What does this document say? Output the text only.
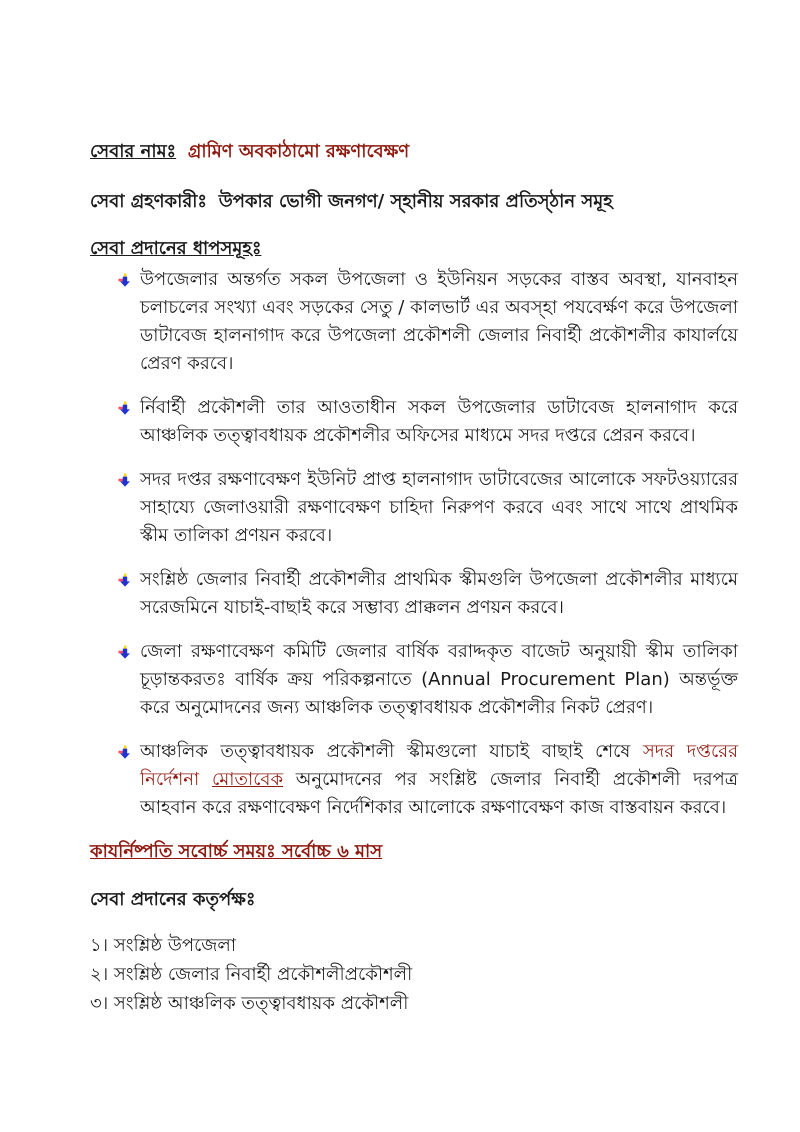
সেবার নামঃ গ্রামিণ অবকাঠামো রক্ষণাবেক্ষণ

সেবা গ্রহণকারীঃ উপকার ভোগী জনগণ/ স্হানীয় সরকার প্রতিস্ঠান সমূহ

সেবা প্রদানের ধাপসমূহঃ

উপজেলার অন্তর্গত সকল উপজেলা ও ইউনিয়ন সড়কের বাস্তব অবস্থা, যানবাহন চলাচলের সংখ্যা এবং সড়কের সেতু / কালভার্ট এর অবস্হা পযবের্ক্ষণ করে উপজেলা ডাটাবেজ হালনাগাদ করে উপজেলা প্রকৌশলী জেলার নিবার্হী প্রকৌশলীর কাযার্লয়ে প্রেরণ করবে।
র্নিবার্হী প্রকৌশলী তার আওতাধীন সকল উপজেলার ডাটাবেজ হালনাগাদ করে আঞ্চলিক তত্ত্বাবধায়ক প্রকৌশলীর অফিসের মাধ্যমে সদর দপ্তরে প্রেরন করবে।
সদর দপ্তর রক্ষণাবেক্ষণ ইউনিট প্রাপ্ত হালনাগাদ ডাটাবেজের আলোকে সফটওয়্যারের সাহায্যে জেলাওয়ারী রক্ষণাবেক্ষণ চাহিদা নিরুপণ করবে এবং সাথে সাথে প্রাথমিক স্কীম তালিকা প্রণয়ন করবে।
সংশ্লিষ্ঠ জেলার নিবার্হী প্রকৌশলীর প্রাথমিক স্কীমগুলি উপজেলা প্রকৌশলীর মাধ্যমে সরেজমিনে যাচাই-বাছাই করে সম্ভাব্য প্রাক্কলন প্রণয়ন করবে।
জেলা রক্ষণাবেক্ষণ কমিটি জেলার বার্ষিক বরাদ্দকৃত বাজেট অনুয়ায়ী স্কীম তালিকা চূড়ান্তকরতঃ বার্ষিক ক্রয় পরিকল্পনাতে (Annual Procurement Plan) অন্তর্ভূক্ত করে অনুমোদনের জন্য আঞ্চলিক তত্ত্বাবধায়ক প্রকৌশলীর নিকট প্রেরণ।
আঞ্চলিক তত্ত্বাবধায়ক প্রকৌশলী স্কীমগুলো যাচাই বাছাই শেষে সদর দপ্তরের নির্দেশনা মোতাবেক অনুমোদনের পর সংশ্লিষ্ট জেলার নিবার্হী প্রকৌশলী দরপত্র আহবান করে রক্ষণাবেক্ষণ নির্দেশিকার আলোকে রক্ষণাবেক্ষণ কাজ বাস্তবায়ন করবে।

কাযর্নিষ্পতি সবোর্চ্চ সময়ঃ সর্বোচ্চ ৬ মাস

সেবা প্রদানের কতৃর্পক্ষঃ

১। সংশ্লিষ্ঠ উপজেলা
২। সংশ্লিষ্ঠ জেলার নিবার্হী প্রকৌশলীপ্রকৌশলী
৩। সংশ্লিষ্ঠ আঞ্চলিক তত্ত্বাবধায়ক প্রকৌশলী
